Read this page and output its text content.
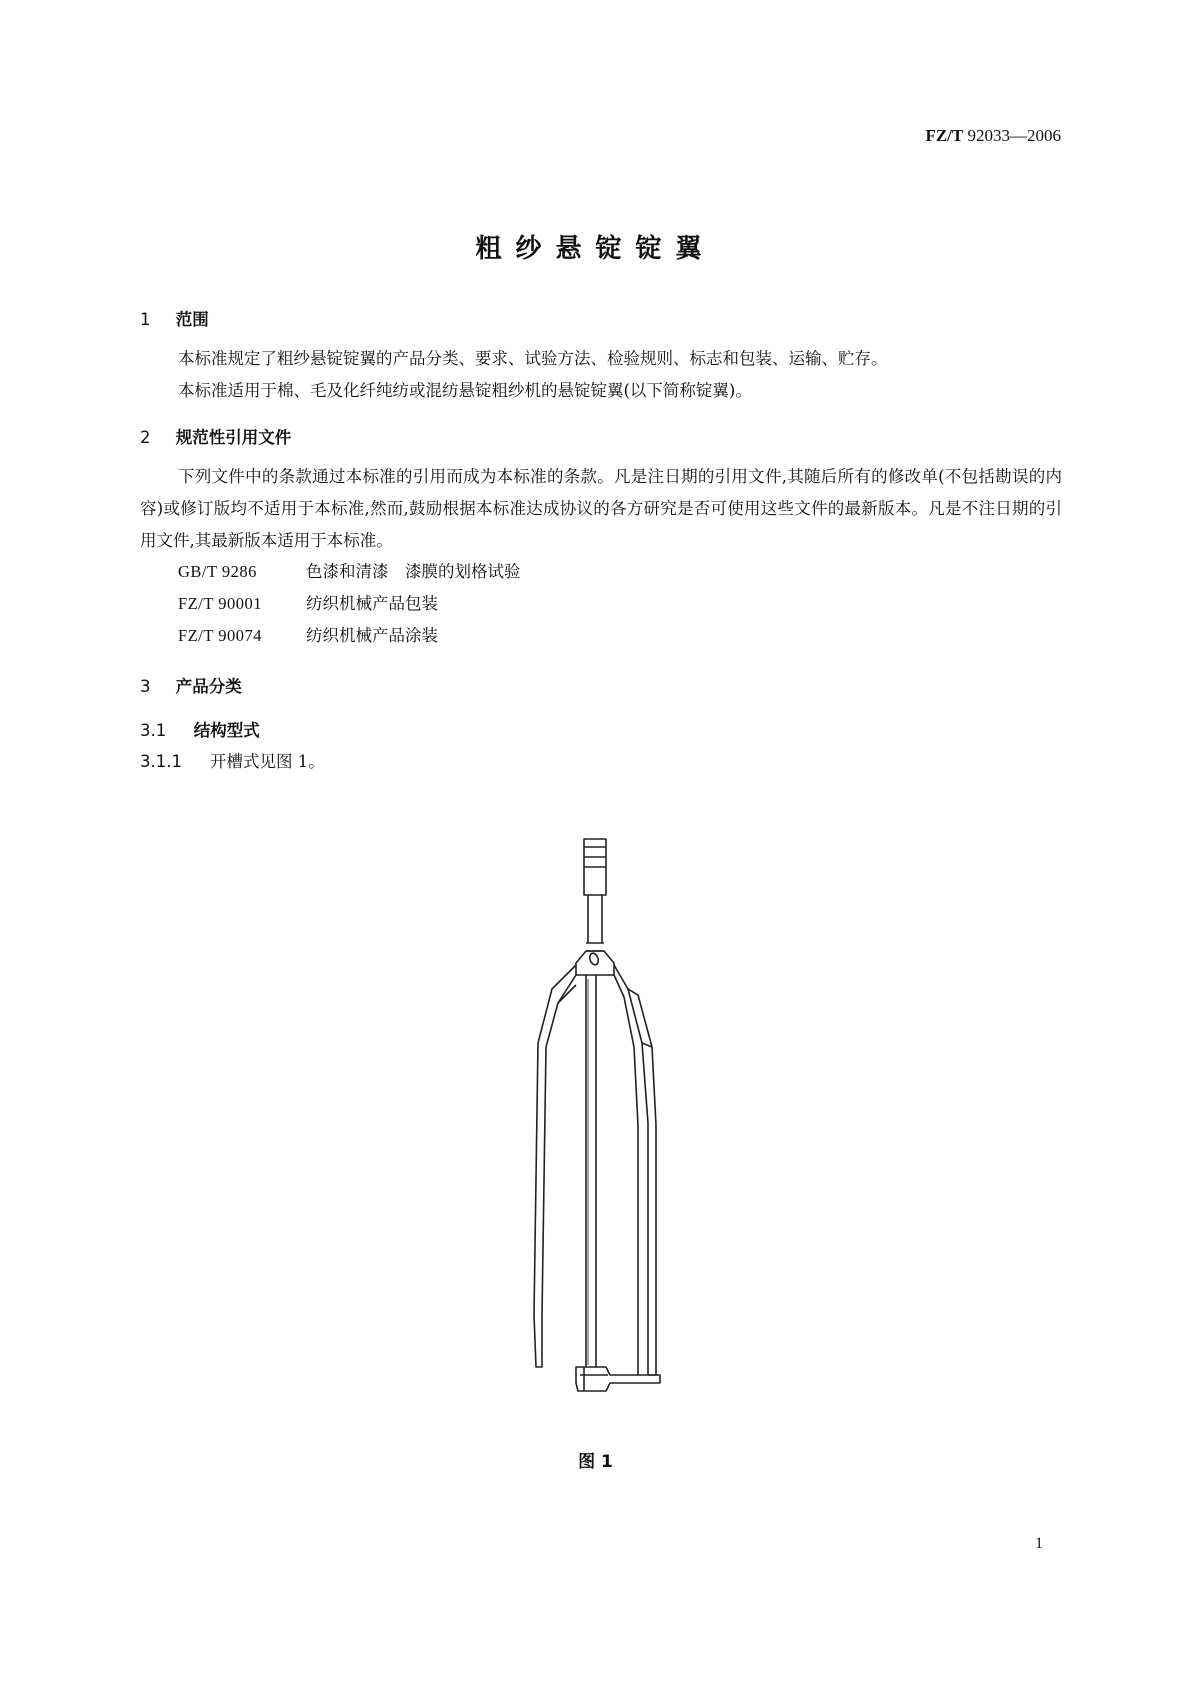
FZ/T 92033—2006
粗纱悬锭锭翼
1 范围
本标准规定了粗纱悬锭锭翼的产品分类、要求、试验方法、检验规则、标志和包装、运输、贮存。
本标准适用于棉、毛及化纤纯纺或混纺悬锭粗纱机的悬锭锭翼(以下简称锭翼)。
2 规范性引用文件
下列文件中的条款通过本标准的引用而成为本标准的条款。凡是注日期的引用文件,其随后所有的修改单(不包括勘误的内容)或修订版均不适用于本标准,然而,鼓励根据本标准达成协议的各方研究是否可使用这些文件的最新版本。凡是不注日期的引用文件,其最新版本适用于本标准。
GB/T 9286	色漆和清漆　漆膜的划格试验
FZ/T 90001	纺织机械产品包装
FZ/T 90074	纺织机械产品涂装
3 产品分类
3.1 结构型式
3.1.1 开槽式见图 1。
图 1
1
